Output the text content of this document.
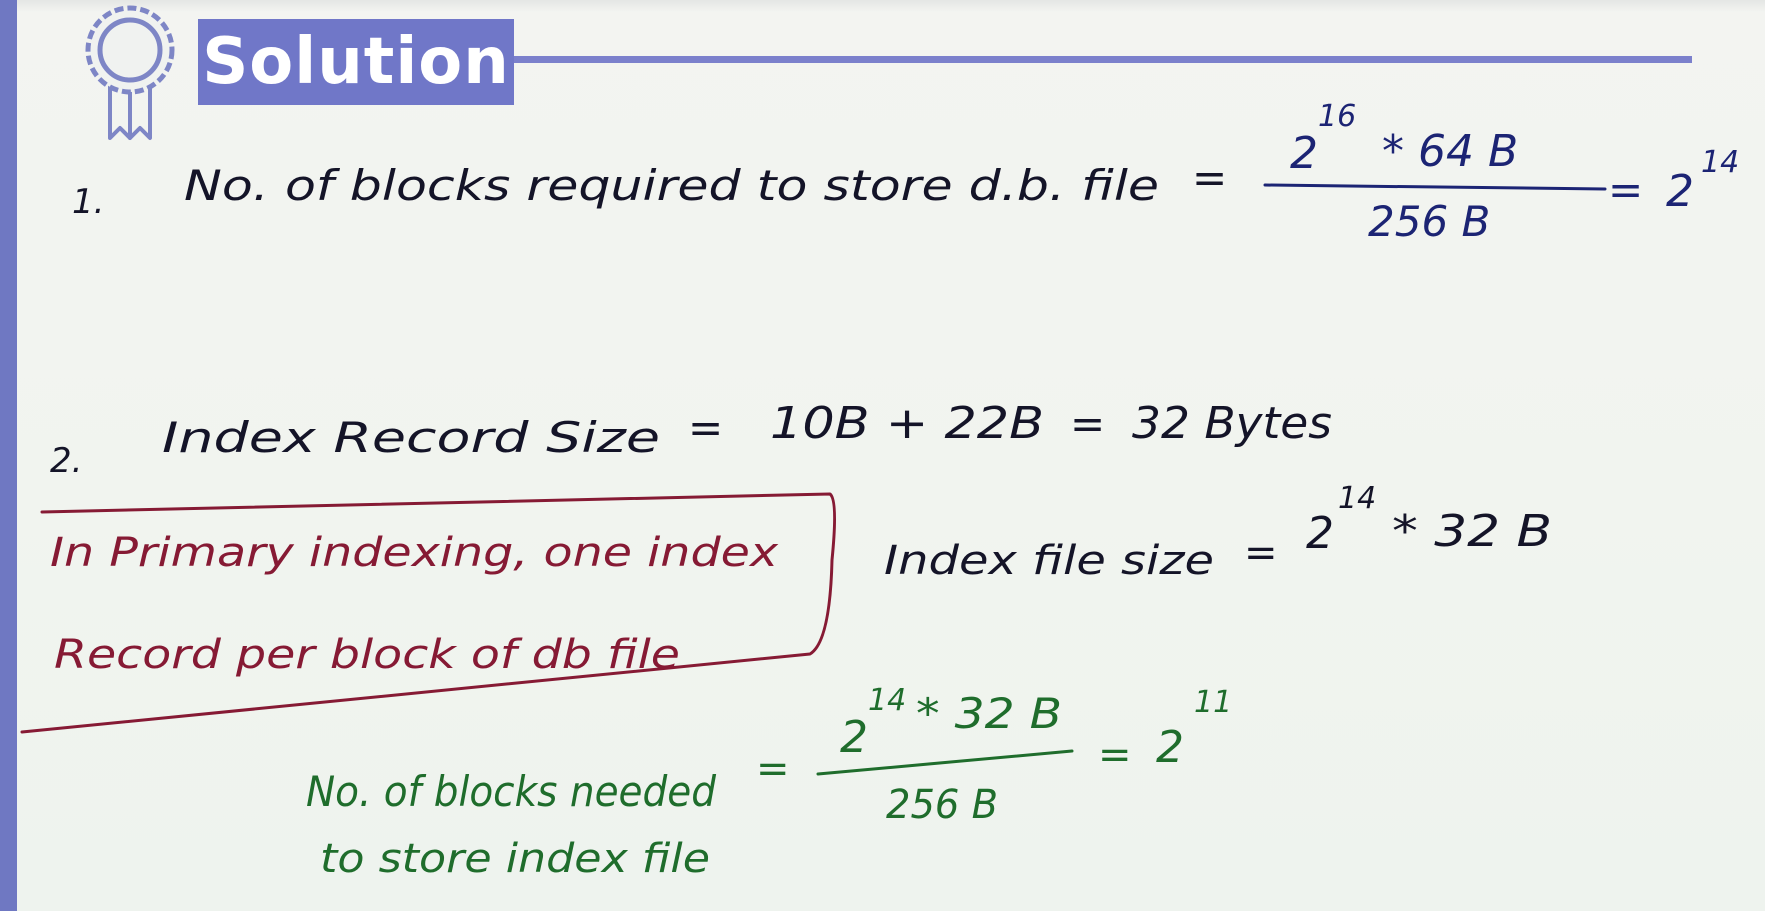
Solution
1. No. of blocks required to store d.b. file = 2
16
* 64 B
256 B
= 2
14
2. Index Record Size = 10B + 22B = 32 Bytes
In Primary indexing, one index
Record per block of db file
Index file size = 2
14
* 32 B
No. of blocks needed
to store index file
=
2
14 * 32 B
256 B
= 2
11
